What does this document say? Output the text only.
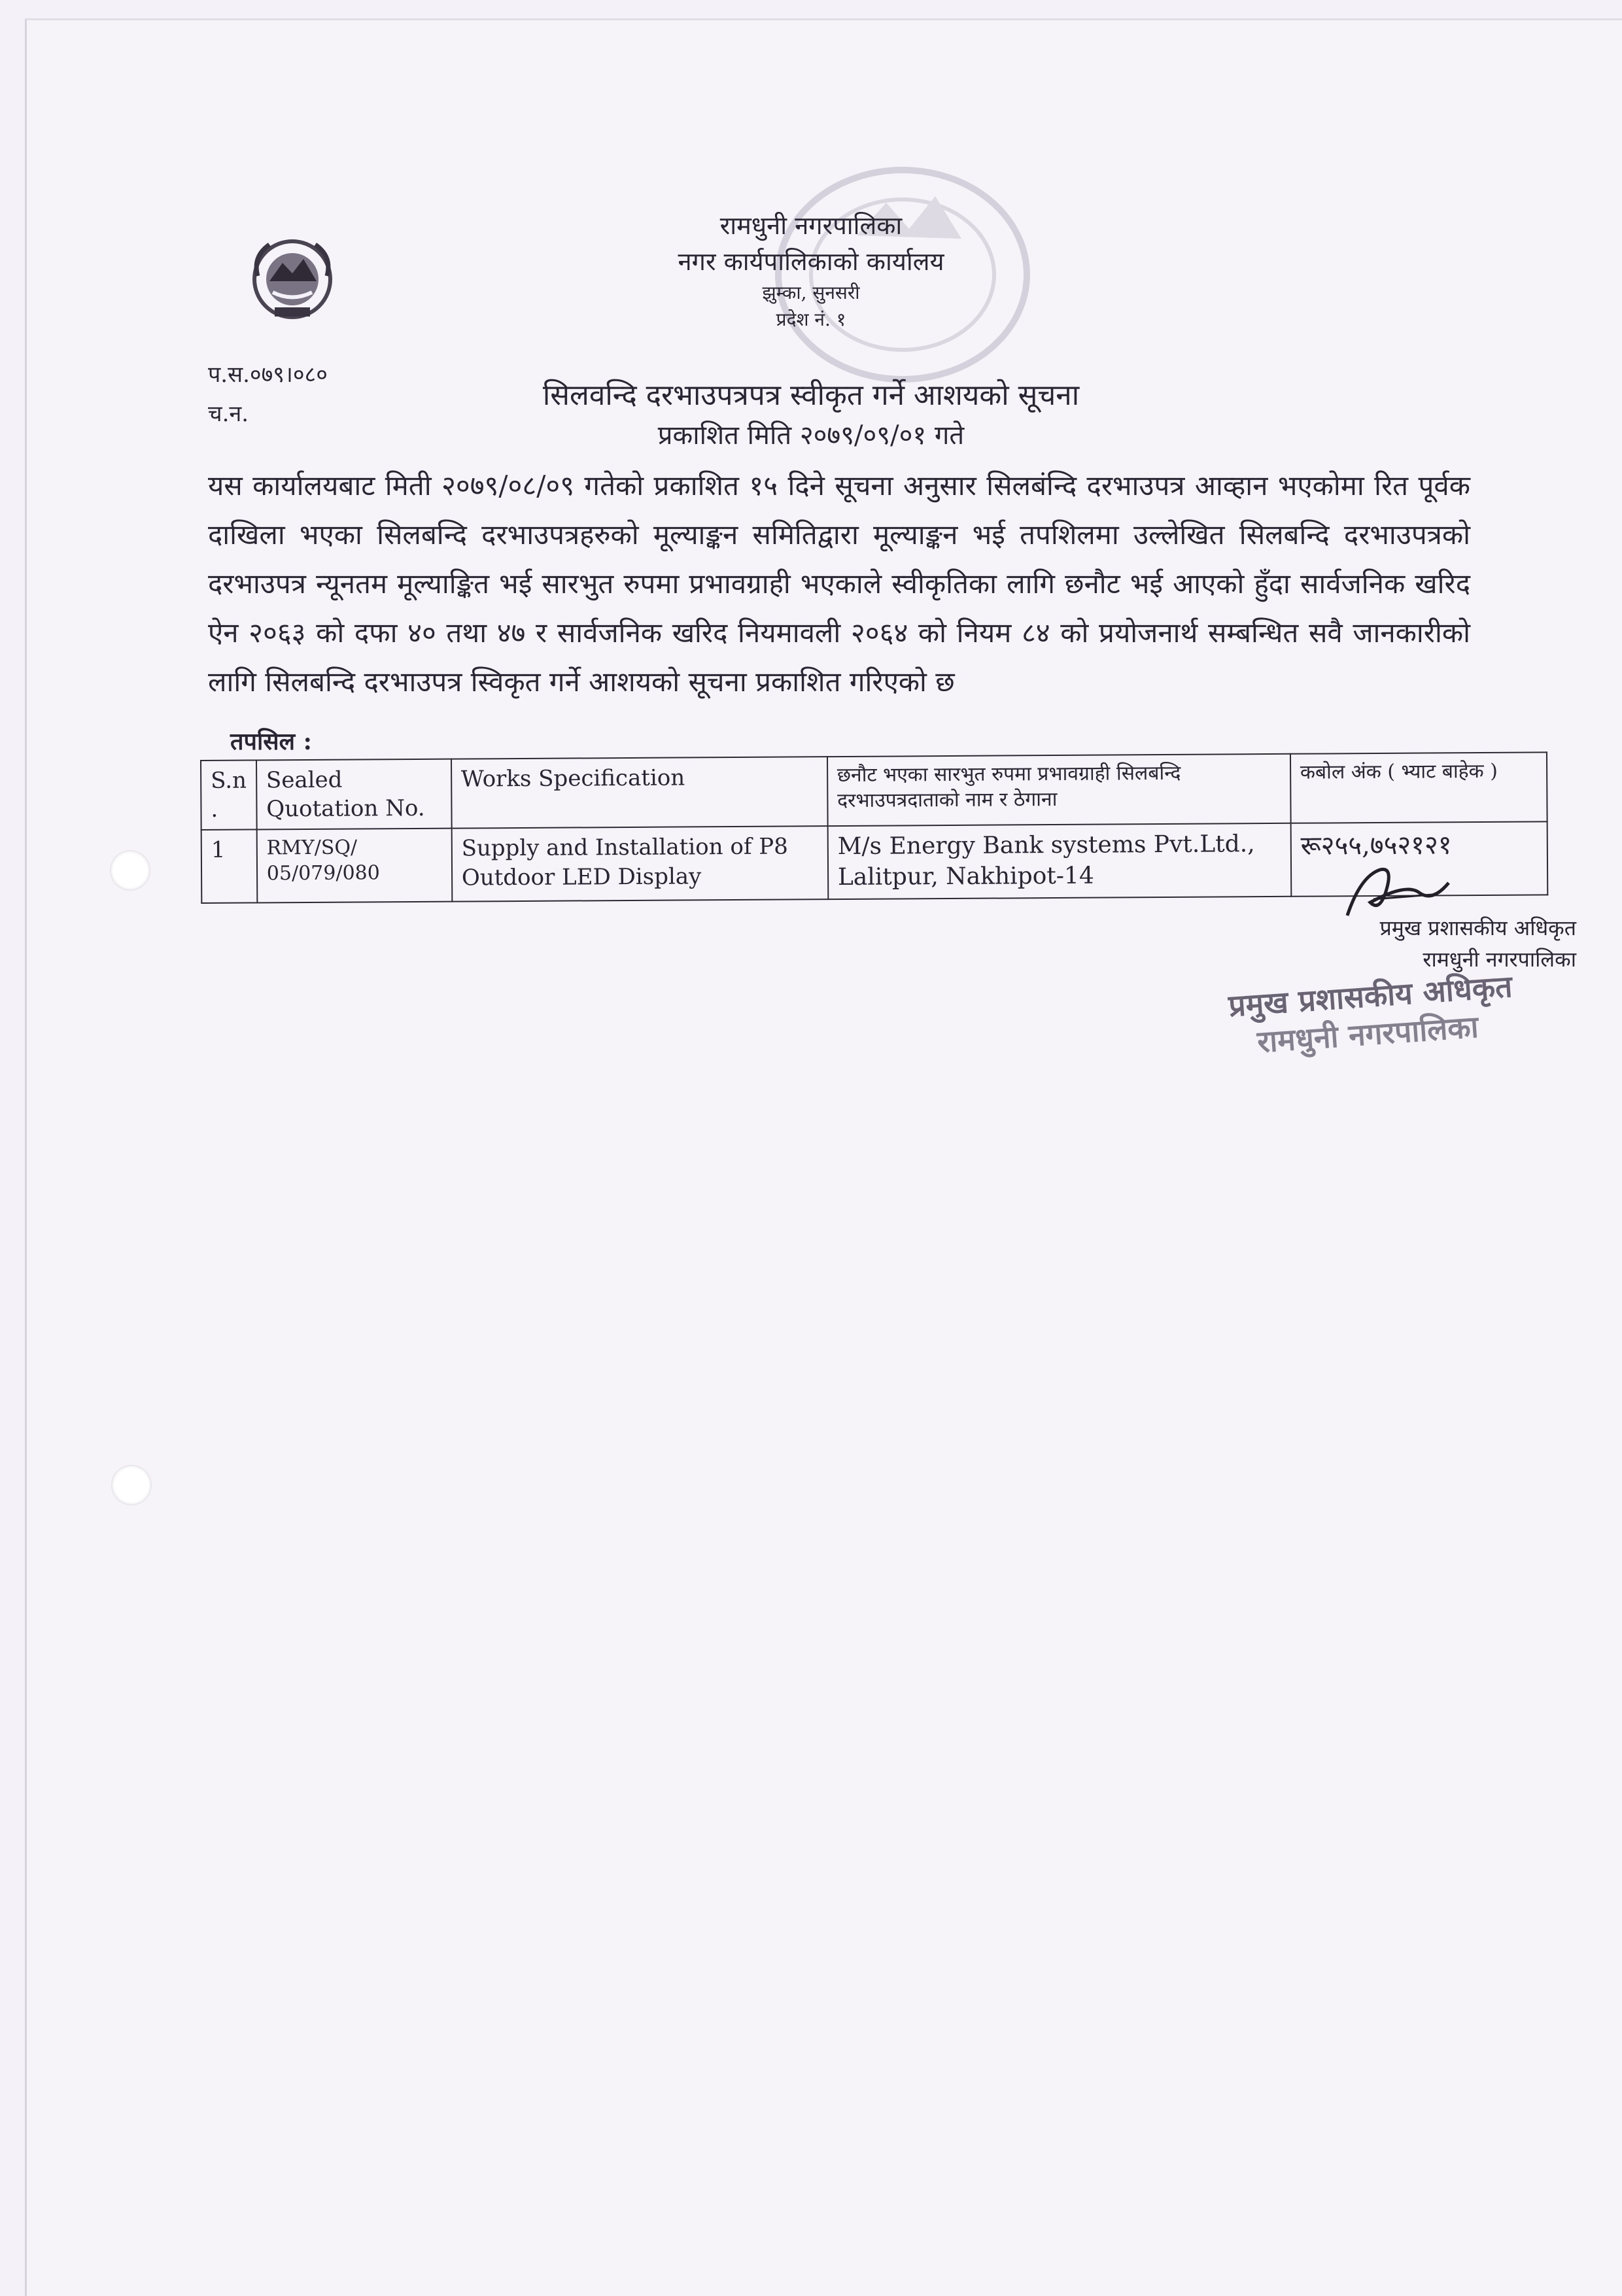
रामधुनी नगरपालिका
नगर कार्यपालिकाको कार्यालय
झुम्का, सुनसरी
प्रदेश नं. १
प.स.०७९।०८०
च.न.
सिलवन्दि दरभाउपत्रपत्र स्वीकृत गर्ने आशयको सूचना
प्रकाशित मिति २०७९/०९/०१ गते
यस कार्यालयबाट मिती २०७९/०८/०९ गतेको प्रकाशित १५ दिने सूचना अनुसार सिलबंन्दि दरभाउपत्र आव्हान भएकोमा रित पूर्वक दाखिला भएका सिलबन्दि दरभाउपत्रहरुको मूल्याङ्कन समितिद्वारा मूल्याङ्कन भई तपशिलमा उल्लेखित सिलबन्दि दरभाउपत्रको दरभाउपत्र न्यूनतम मूल्याङ्कित भई सारभुत रुपमा प्रभावग्राही भएकाले स्वीकृतिका लागि छनौट भई आएको हुँदा सार्वजनिक खरिद ऐन २०६३ को दफा ४० तथा ४७ र सार्वजनिक खरिद नियमावली २०६४ को नियम ८४ को प्रयोजनार्थ सम्बन्धित सवै जानकारीको लागि सिलबन्दि दरभाउपत्र स्विकृत गर्ने आशयको सूचना प्रकाशित गरिएको छ
तपसिल :
S.n .	Sealed Quotation No.	Works Specification	छनौट भएका सारभुत रुपमा प्रभावग्राही सिलबन्दि दरभाउपत्रदाताको नाम र ठेगाना	कबोल अंक ( भ्याट बाहेक )
1	RMY/SQ/ 05/079/080	Supply and Installation of P8 Outdoor LED Display	M/s Energy Bank systems Pvt.Ltd., Lalitpur, Nakhipot-14	रू२५५,७५२१२१
प्रमुख प्रशासकीय अधिकृत
रामधुनी नगरपालिका
प्रमुख प्रशासकीय अधिकृत
रामधुनी नगरपालिका
